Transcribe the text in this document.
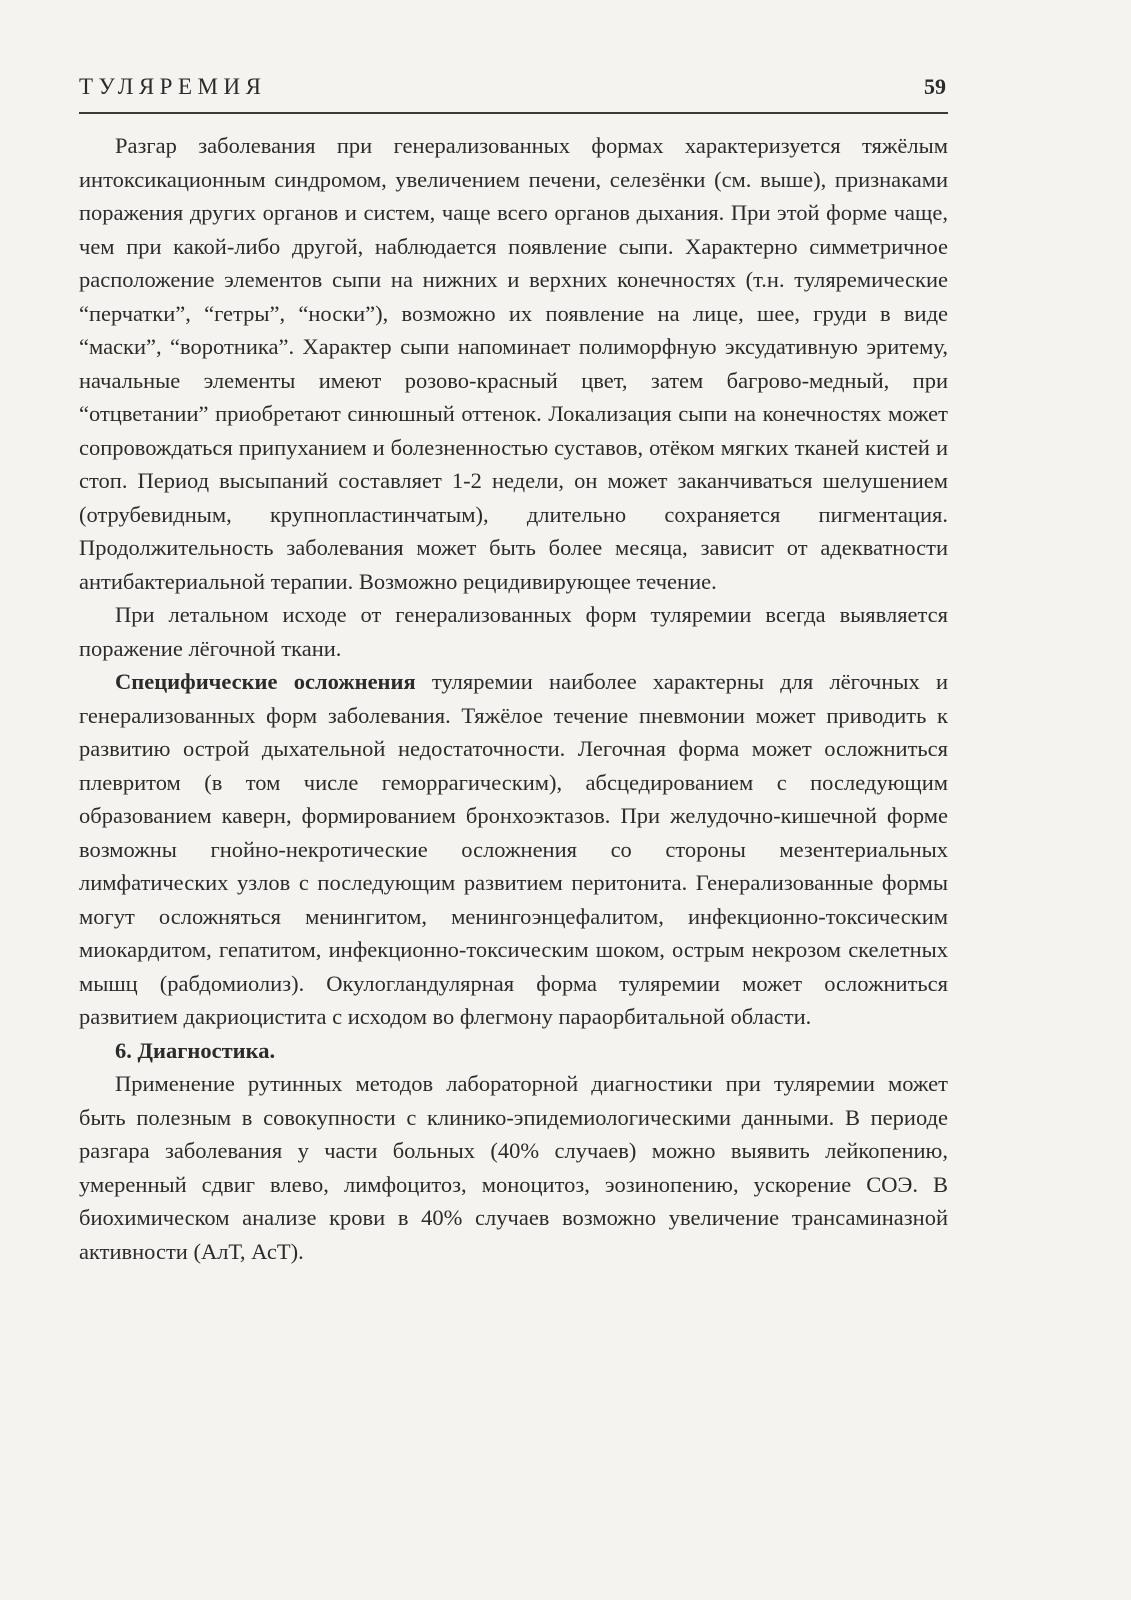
ТУЛЯРЕМИЯ	59

Разгар заболевания при генерализованных формах характеризуется тяжёлым интоксикационным синдромом, увеличением печени, селезёнки (см. выше), признаками поражения других органов и систем, чаще всего органов дыхания. При этой форме чаще, чем при какой-либо другой, наблюдается появление сыпи. Характерно симметричное расположение элементов сыпи на нижних и верхних конечностях (т.н. туляремические “перчатки”, “гетры”, “носки”), возможно их появление на лице, шее, груди в виде “маски”, “воротника”. Характер сыпи напоминает полиморфную эксудативную эритему, начальные элементы имеют розово-красный цвет, затем багрово-медный, при “отцветании” приобретают синюшный оттенок. Локализация сыпи на конечностях может сопровождаться припуханием и болезненностью суставов, отёком мягких тканей кистей и стоп. Период высыпаний составляет 1-2 недели, он может заканчиваться шелушением (отрубевидным, крупнопластинчатым), длительно сохраняется пигментация. Продолжительность заболевания может быть более месяца, зависит от адекватности антибактериальной терапии. Возможно рецидивирующее течение.

При летальном исходе от генерализованных форм туляремии всегда выявляется поражение лёгочной ткани.

Специфические осложнения туляремии наиболее характерны для лёгочных и генерализованных форм заболевания. Тяжёлое течение пневмонии может приводить к развитию острой дыхательной недостаточности. Легочная форма может осложниться плевритом (в том числе геморрагическим), абсцедированием с последующим образованием каверн, формированием бронхоэктазов. При желудочно-кишечной форме возможны гнойно-некротические осложнения со стороны мезентериальных лимфатических узлов с последующим развитием перитонита. Генерализованные формы могут осложняться менингитом, менингоэнцефалитом, инфекционно-токсическим миокардитом, гепатитом, инфекционно-токсическим шоком, острым некрозом скелетных мышц (рабдомиолиз). Окулогландулярная форма туляремии может осложниться развитием дакриоцистита с исходом во флегмону параорбитальной области.

6. Диагностика.

Применение рутинных методов лабораторной диагностики при туляремии может быть полезным в совокупности с клинико-эпидемиологическими данными. В периоде разгара заболевания у части больных (40% случаев) можно выявить лейкопению, умеренный сдвиг влево, лимфоцитоз, моноцитоз, эозинопению, ускорение СОЭ. В биохимическом анализе крови в 40% случаев возможно увеличение трансаминазной активности (АлТ, АсТ).
